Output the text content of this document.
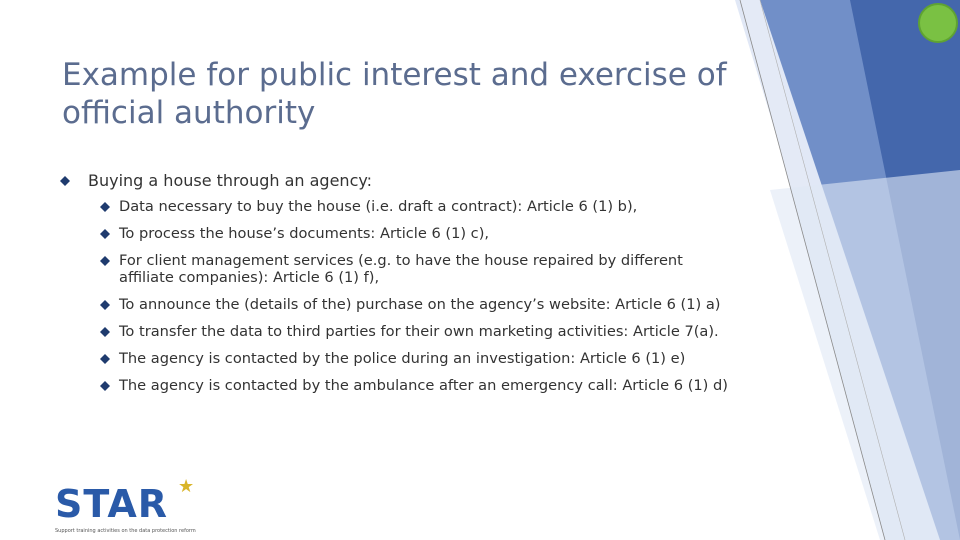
Example for public interest and exercise of official authority
Buying a house through an agency:
Data necessary to buy the house (i.e. draft a contract): Article 6 (1) b),
To process the house’s documents: Article 6 (1) c),
For client management services (e.g. to have the house repaired by different affiliate companies): Article 6 (1) f),
To announce the (details of the) purchase on the agency’s website: Article 6 (1) a)
To transfer the data to third parties for their own marketing activities: Article 7(a).
The agency is contacted by the police during an investigation: Article 6 (1) e)
The agency is contacted by the ambulance after an emergency call: Article 6 (1) d)
STAR ★
Support training activities on the data protection reform
